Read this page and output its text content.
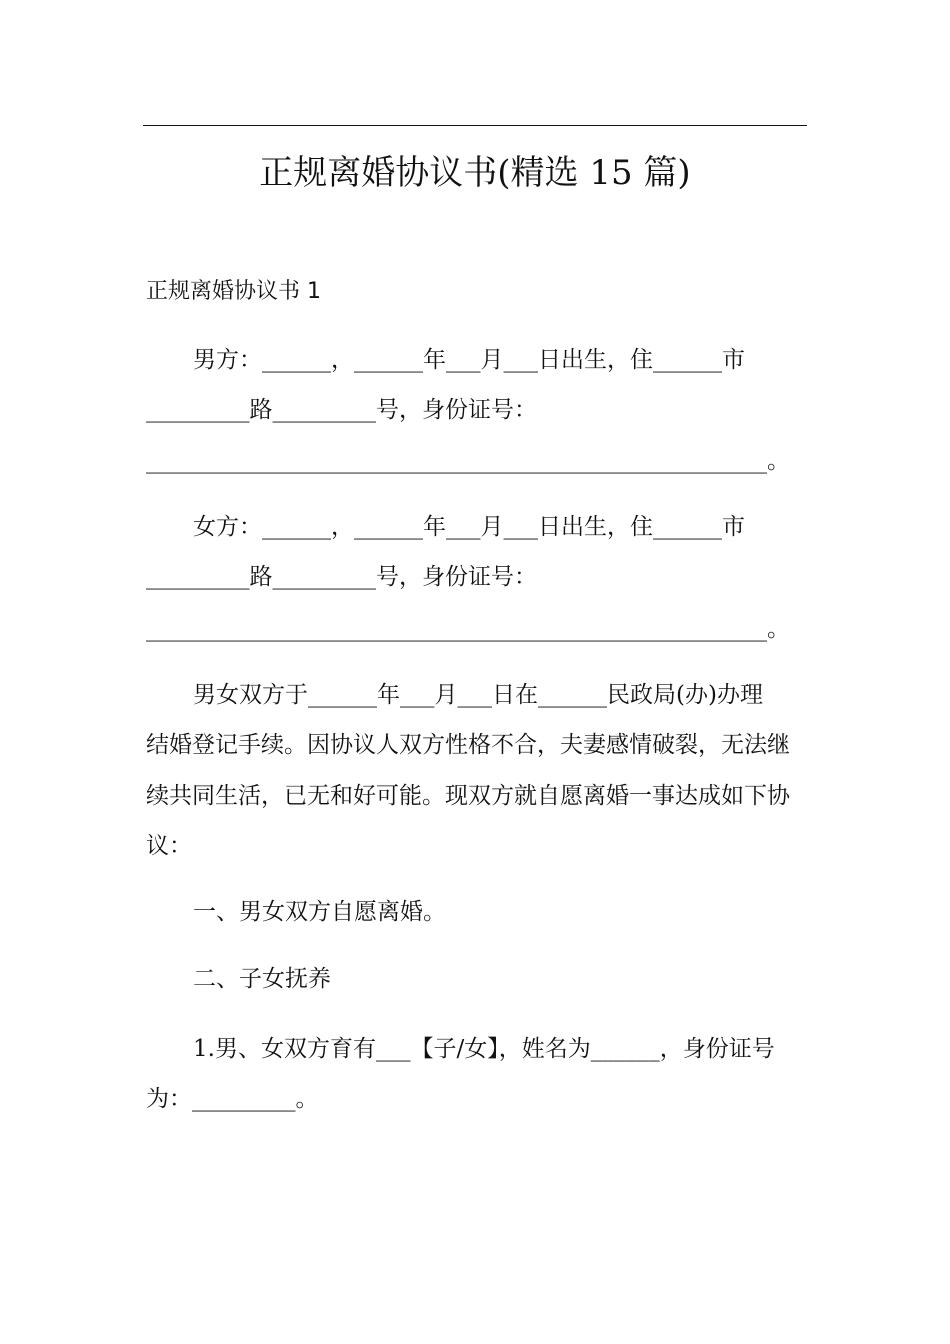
正规离婚协议书(精选 15 篇)
正规离婚协议书 1
男方：______，______年___月___日出生，住______市
_________路_________号，身份证号：
______________________________________________________。
女方：______，______年___月___日出生，住______市
_________路_________号，身份证号：
______________________________________________________。
男女双方于______年___月___日在______民政局(办)办理
结婚登记手续。因协议人双方性格不合，夫妻感情破裂，无法继
续共同生活，已无和好可能。现双方就自愿离婚一事达成如下协
议：
一、男女双方自愿离婚。
二、子女抚养
1.男、女双方育有___【子/女】，姓名为______，身份证号
为：_________。
